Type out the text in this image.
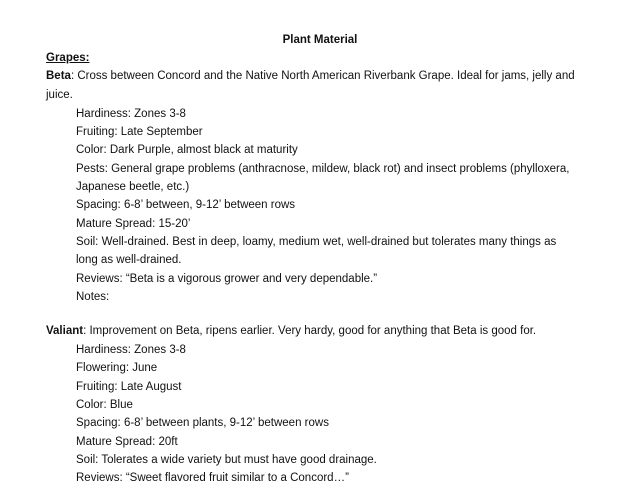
Plant Material
Grapes:
Beta: Cross between Concord and the Native North American Riverbank Grape. Ideal for jams, jelly and
juice.
Hardiness: Zones 3-8
Fruiting: Late September
Color: Dark Purple, almost black at maturity
Pests: General grape problems (anthracnose, mildew, black rot) and insect problems (phylloxera,
Japanese beetle, etc.)
Spacing: 6-8’ between, 9-12’ between rows
Mature Spread: 15-20’
Soil: Well-drained. Best in deep, loamy, medium wet, well-drained but tolerates many things as
long as well-drained.
Reviews: “Beta is a vigorous grower and very dependable.”
Notes:
Valiant: Improvement on Beta, ripens earlier. Very hardy, good for anything that Beta is good for.
Hardiness: Zones 3-8
Flowering: June
Fruiting: Late August
Color: Blue
Spacing: 6-8’ between plants, 9-12’ between rows
Mature Spread: 20ft
Soil: Tolerates a wide variety but must have good drainage.
Reviews: “Sweet flavored fruit similar to a Concord…”
